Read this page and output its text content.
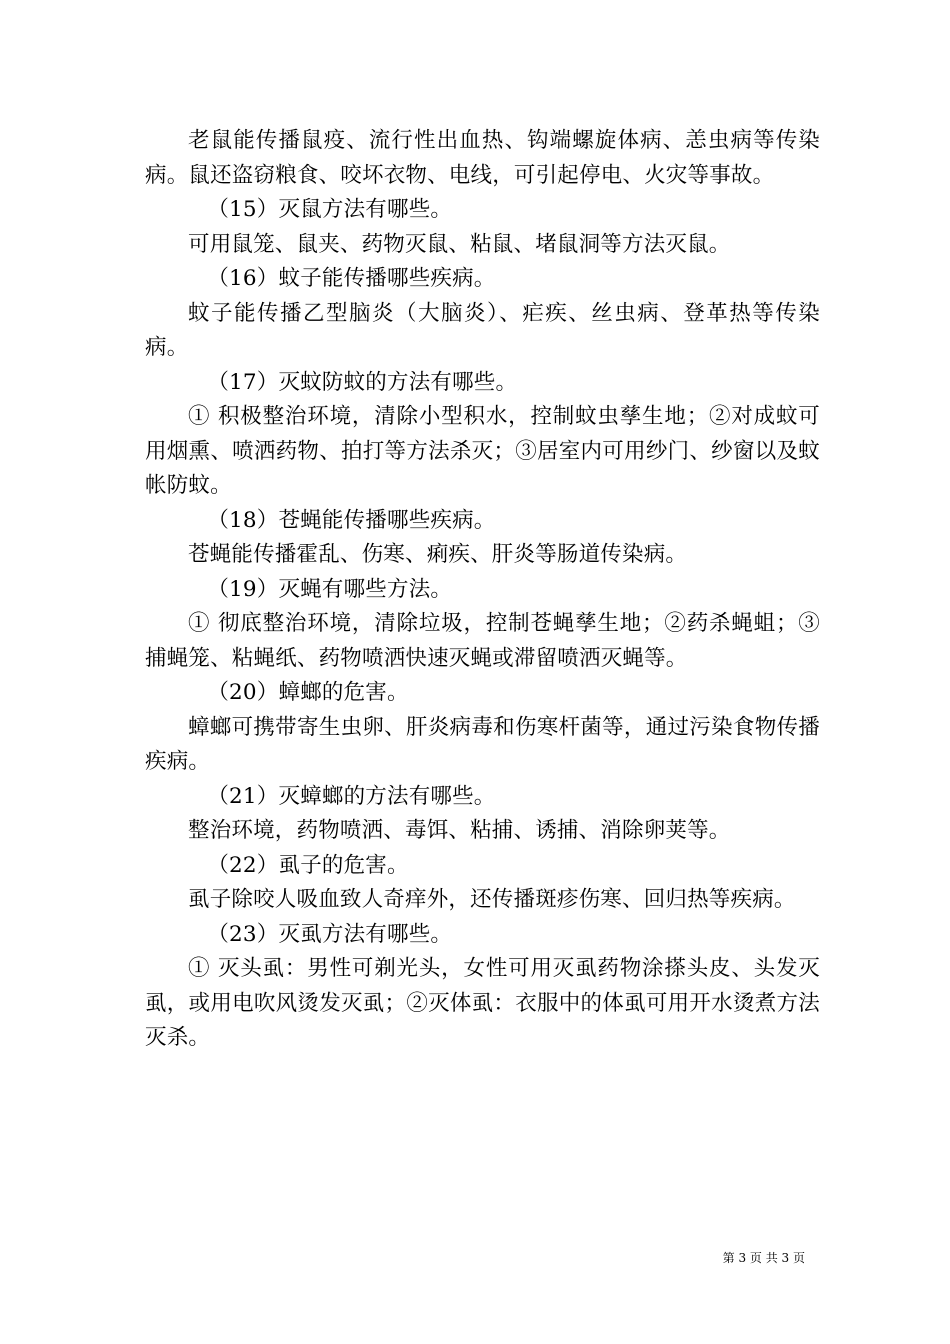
老鼠能传播鼠疫、流行性出血热、钩端螺旋体病、恙虫病等传染病。鼠还盗窃粮食、咬坏衣物、电线，可引起停电、火灾等事故。

（15）灭鼠方法有哪些。

可用鼠笼、鼠夹、药物灭鼠、粘鼠、堵鼠洞等方法灭鼠。

（16）蚊子能传播哪些疾病。

蚊子能传播乙型脑炎（大脑炎）、疟疾、丝虫病、登革热等传染病。

（17）灭蚊防蚊的方法有哪些。

① 积极整治环境，清除小型积水，控制蚊虫孳生地；②对成蚊可用烟熏、喷洒药物、拍打等方法杀灭；③居室内可用纱门、纱窗以及蚊帐防蚊。

（18）苍蝇能传播哪些疾病。

苍蝇能传播霍乱、伤寒、痢疾、肝炎等肠道传染病。

（19）灭蝇有哪些方法。

① 彻底整治环境，清除垃圾，控制苍蝇孳生地；②药杀蝇蛆；③捕蝇笼、粘蝇纸、药物喷洒快速灭蝇或滞留喷洒灭蝇等。

（20）蟑螂的危害。

蟑螂可携带寄生虫卵、肝炎病毒和伤寒杆菌等，通过污染食物传播疾病。

（21）灭蟑螂的方法有哪些。

整治环境，药物喷洒、毒饵、粘捕、诱捕、消除卵荚等。

（22）虱子的危害。

虱子除咬人吸血致人奇痒外，还传播斑疹伤寒、回归热等疾病。

（23）灭虱方法有哪些。

① 灭头虱：男性可剃光头，女性可用灭虱药物涂搽头皮、头发灭虱，或用电吹风烫发灭虱；②灭体虱：衣服中的体虱可用开水烫煮方法灭杀。

第 3 页 共 3 页
